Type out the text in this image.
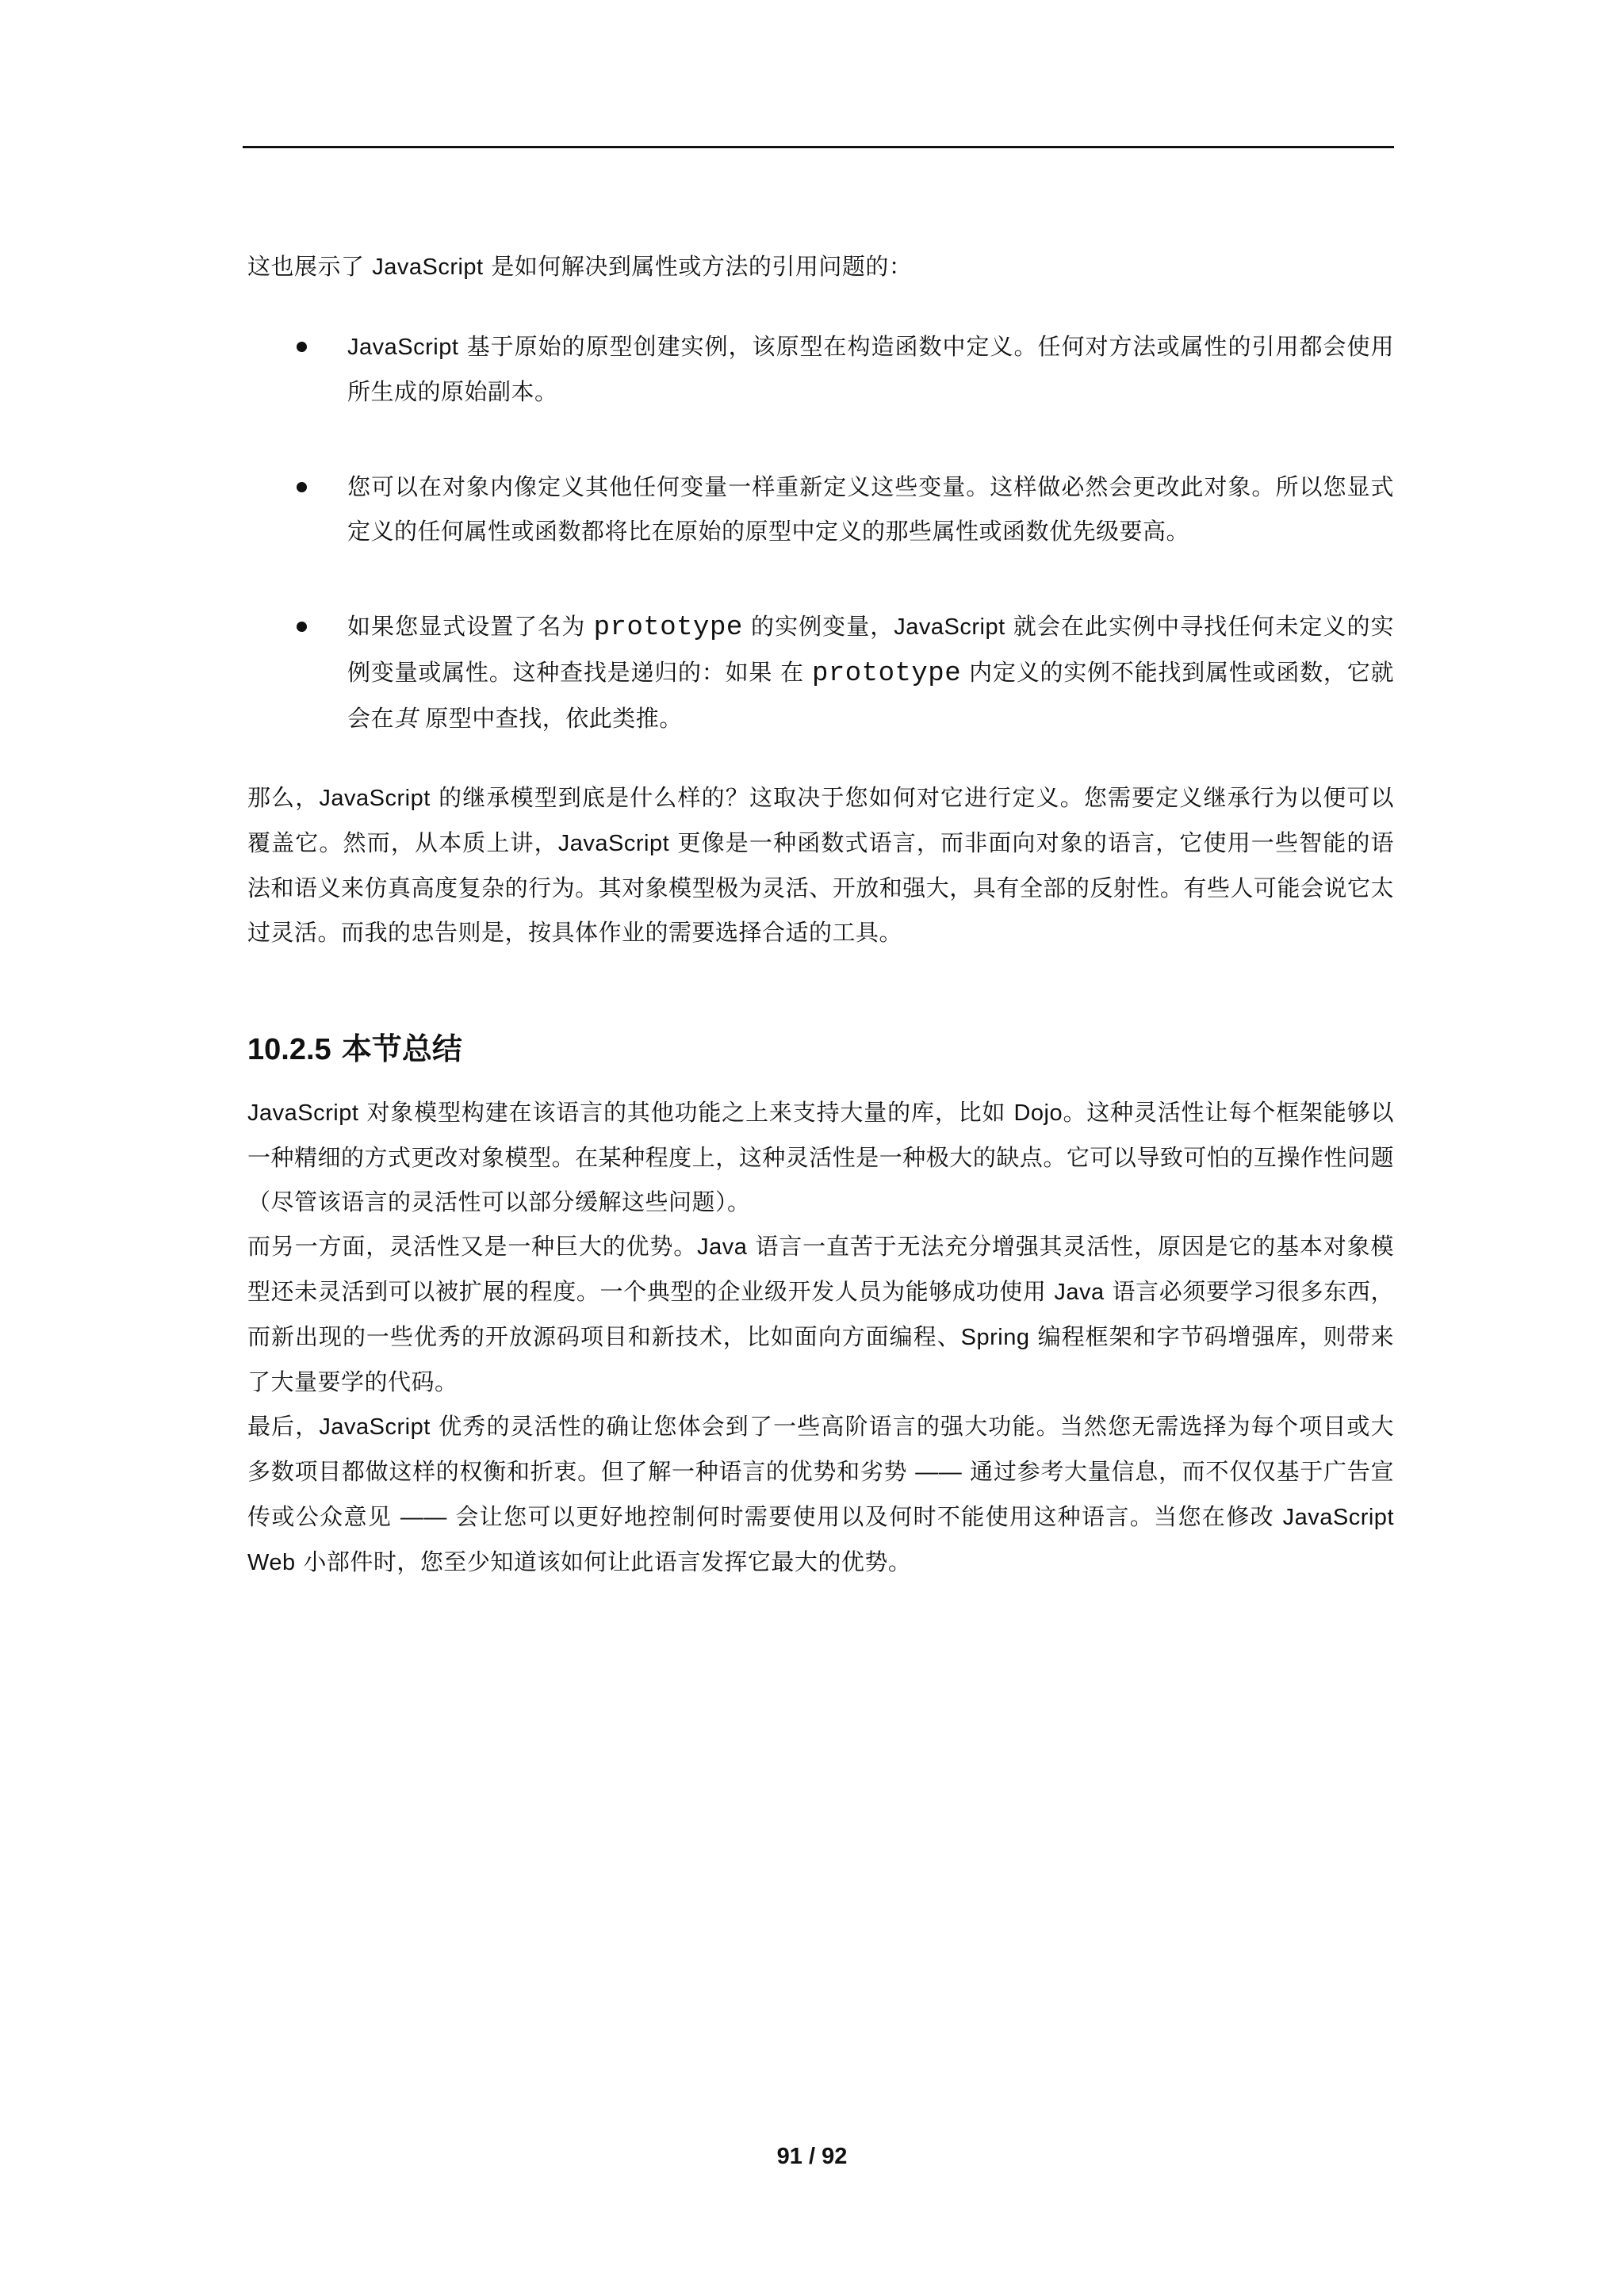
这也展示了 JavaScript 是如何解决到属性或方法的引用问题的：

JavaScript 基于原始的原型创建实例，该原型在构造函数中定义。任何对方法或属性的引用都会使用所生成的原始副本。
您可以在对象内像定义其他任何变量一样重新定义这些变量。这样做必然会更改此对象。所以您显式定义的任何属性或函数都将比在原始的原型中定义的那些属性或函数优先级要高。
如果您显式设置了名为 prototype 的实例变量，JavaScript 就会在此实例中寻找任何未定义的实例变量或属性。这种查找是递归的：如果 在 prototype 内定义的实例不能找到属性或函数，它就会在其 原型中查找，依此类推。

那么，JavaScript 的继承模型到底是什么样的？这取决于您如何对它进行定义。您需要定义继承行为以便可以覆盖它。然而，从本质上讲，JavaScript 更像是一种函数式语言，而非面向对象的语言，它使用一些智能的语法和语义来仿真高度复杂的行为。其对象模型极为灵活、开放和强大，具有全部的反射性。有些人可能会说它太过灵活。而我的忠告则是，按具体作业的需要选择合适的工具。

10.2.5 本节总结

JavaScript 对象模型构建在该语言的其他功能之上来支持大量的库，比如 Dojo。这种灵活性让每个框架能够以一种精细的方式更改对象模型。在某种程度上，这种灵活性是一种极大的缺点。它可以导致可怕的互操作性问题（尽管该语言的灵活性可以部分缓解这些问题）。

而另一方面，灵活性又是一种巨大的优势。Java 语言一直苦于无法充分增强其灵活性，原因是它的基本对象模型还未灵活到可以被扩展的程度。一个典型的企业级开发人员为能够成功使用 Java 语言必须要学习很多东西，而新出现的一些优秀的开放源码项目和新技术，比如面向方面编程、Spring 编程框架和字节码增强库，则带来了大量要学的代码。

最后，JavaScript 优秀的灵活性的确让您体会到了一些高阶语言的强大功能。当然您无需选择为每个项目或大多数项目都做这样的权衡和折衷。但了解一种语言的优势和劣势 —— 通过参考大量信息，而不仅仅基于广告宣传或公众意见 —— 会让您可以更好地控制何时需要使用以及何时不能使用这种语言。当您在修改 JavaScript Web 小部件时，您至少知道该如何让此语言发挥它最大的优势。

91 / 92
